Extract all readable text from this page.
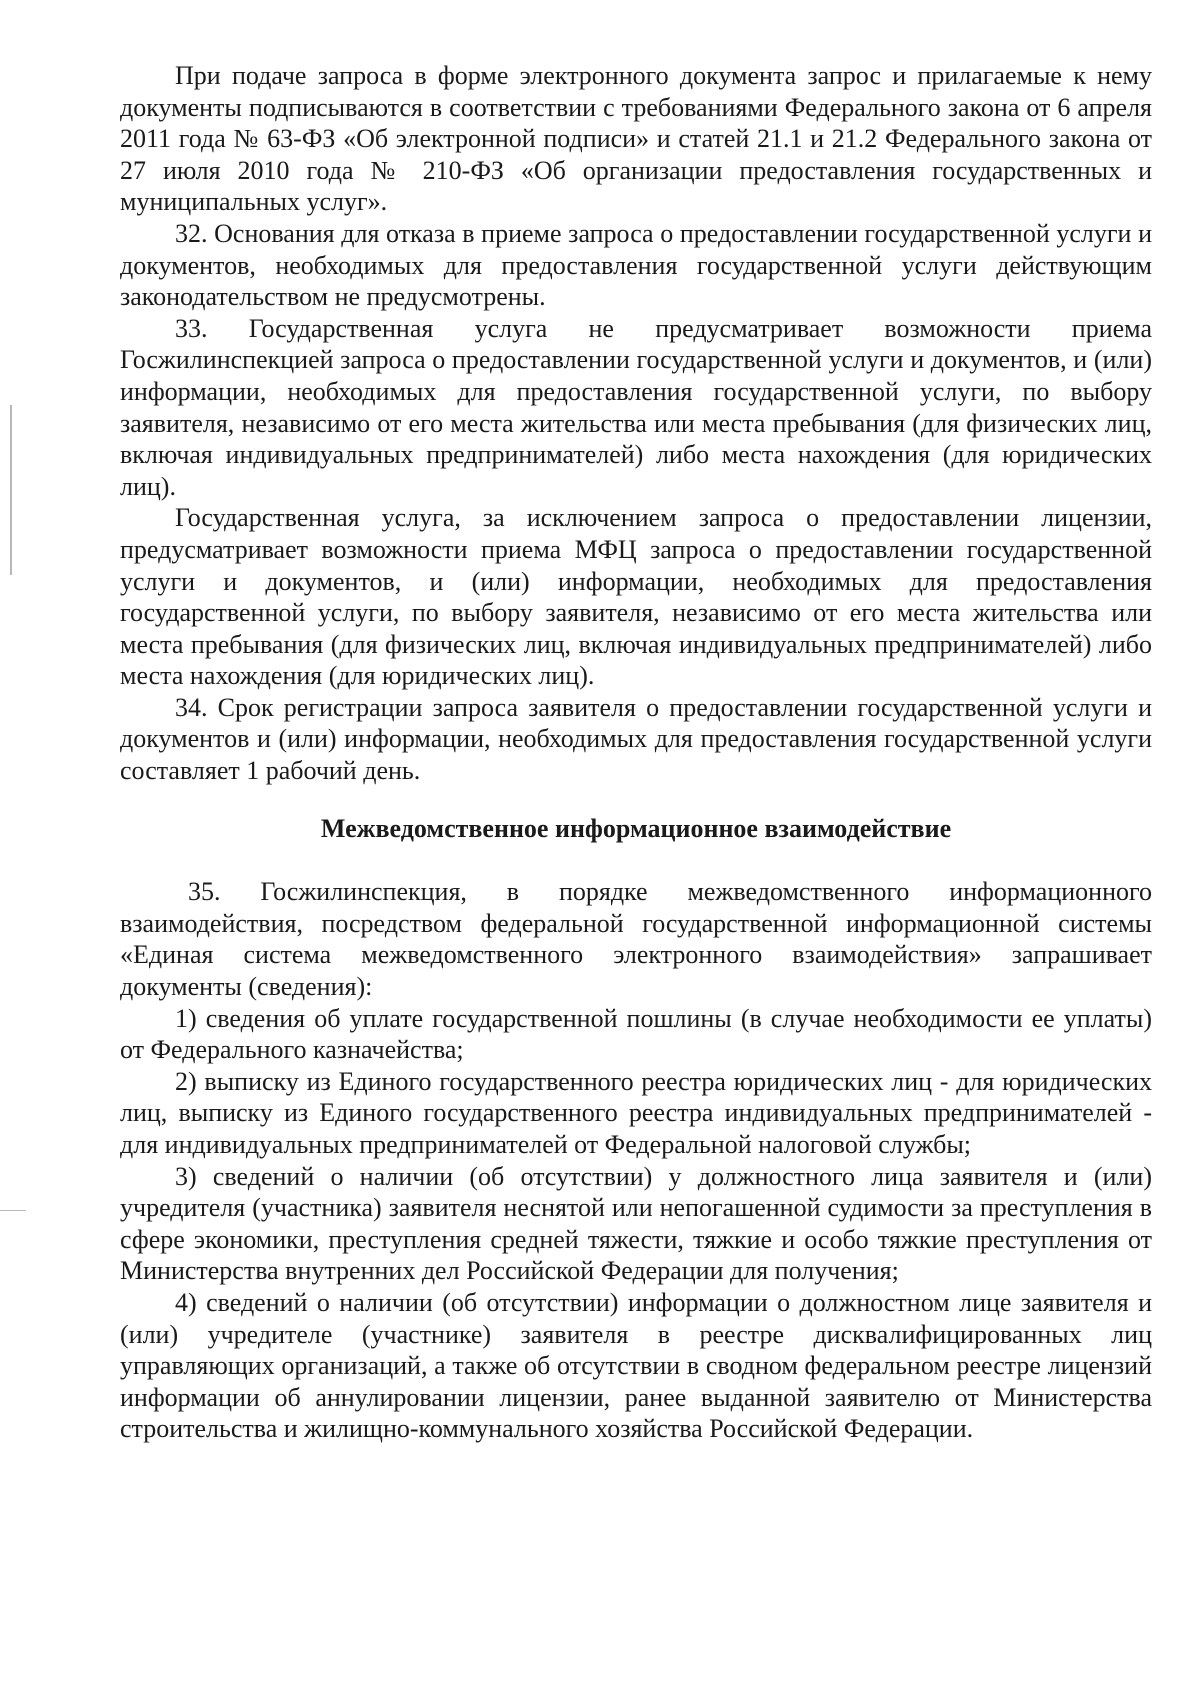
При подаче запроса в форме электронного документа запрос и прилагаемые к нему документы подписываются в соответствии с требованиями Федерального закона от 6 апреля 2011 года № 63-ФЗ «Об электронной подписи» и статей 21.1 и 21.2 Федерального закона от 27 июля 2010 года № 210-ФЗ «Об организации предоставления государственных и муниципальных услуг».

32. Основания для отказа в приеме запроса о предоставлении государственной услуги и документов, необходимых для предоставления государственной услуги действующим законодательством не предусмотрены.

33. Государственная услуга не предусматривает возможности приема Госжилинспекцией запроса о предоставлении государственной услуги и документов, и (или) информации, необходимых для предоставления государственной услуги, по выбору заявителя, независимо от его места жительства или места пребывания (для физических лиц, включая индивидуальных предпринимателей) либо места нахождения (для юридических лиц).

Государственная услуга, за исключением запроса о предоставлении лицензии, предусматривает возможности приема МФЦ запроса о предоставлении государственной услуги и документов, и (или) информации, необходимых для предоставления государственной услуги, по выбору заявителя, независимо от его места жительства или места пребывания (для физических лиц, включая индивидуальных предпринимателей) либо места нахождения (для юридических лиц).

34. Срок регистрации запроса заявителя о предоставлении государственной услуги и документов и (или) информации, необходимых для предоставления государственной услуги составляет 1 рабочий день.

Межведомственное информационное взаимодействие

35. Госжилинспекция, в порядке межведомственного информационного взаимодействия, посредством федеральной государственной информационной системы «Единая система межведомственного электронного взаимодействия» запрашивает документы (сведения):

1) сведения об уплате государственной пошлины (в случае необходимости ее уплаты) от Федерального казначейства;

2) выписку из Единого государственного реестра юридических лиц - для юридических лиц, выписку из Единого государственного реестра индивидуальных предпринимателей - для индивидуальных предпринимателей от Федеральной налоговой службы;

3) сведений о наличии (об отсутствии) у должностного лица заявителя и (или) учредителя (участника) заявителя неснятой или непогашенной судимости за преступления в сфере экономики, преступления средней тяжести, тяжкие и особо тяжкие преступления от Министерства внутренних дел Российской Федерации для получения;

4) сведений о наличии (об отсутствии) информации о должностном лице заявителя и (или) учредителе (участнике) заявителя в реестре дисквалифицированных лиц управляющих организаций, а также об отсутствии в сводном федеральном реестре лицензий информации об аннулировании лицензии, ранее выданной заявителю от Министерства строительства и жилищно-коммунального хозяйства Российской Федерации.
